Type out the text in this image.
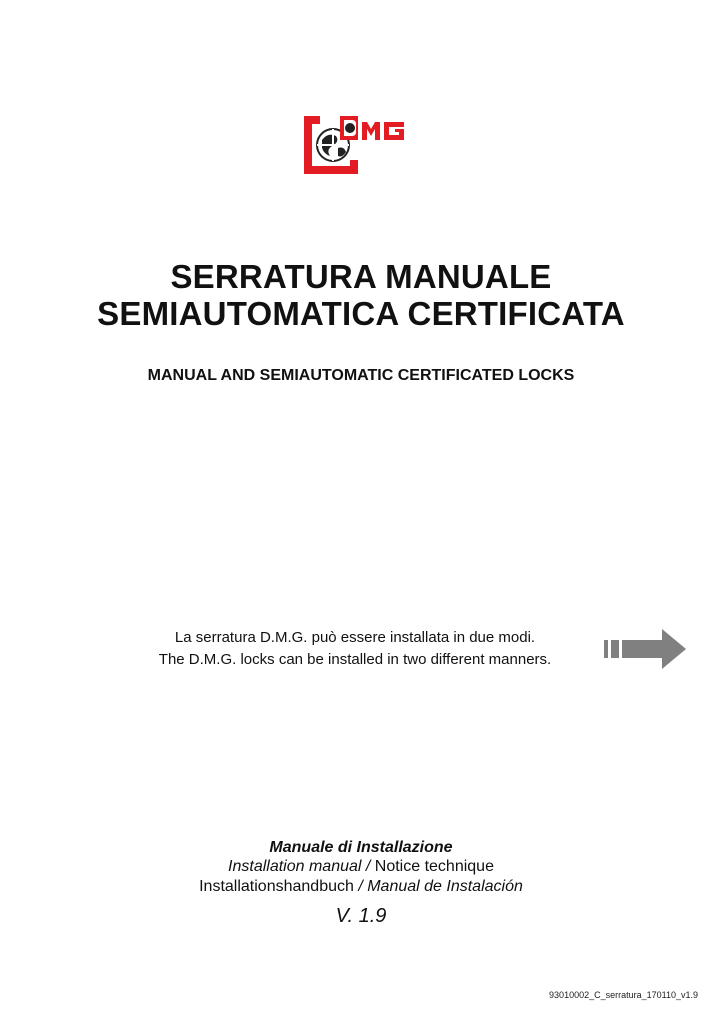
SERRATURA MANUALE
SEMIAUTOMATICA CERTIFICATA
MANUAL AND SEMIAUTOMATIC CERTIFICATED LOCKS
La serratura D.M.G. può essere installata in due modi.
The D.M.G. locks can be installed in two different manners.
Manuale di Installazione
Installation manual / Notice technique
Installationshandbuch / Manual de Instalación
V. 1.9
93010002_C_serratura_170110_v1.9
